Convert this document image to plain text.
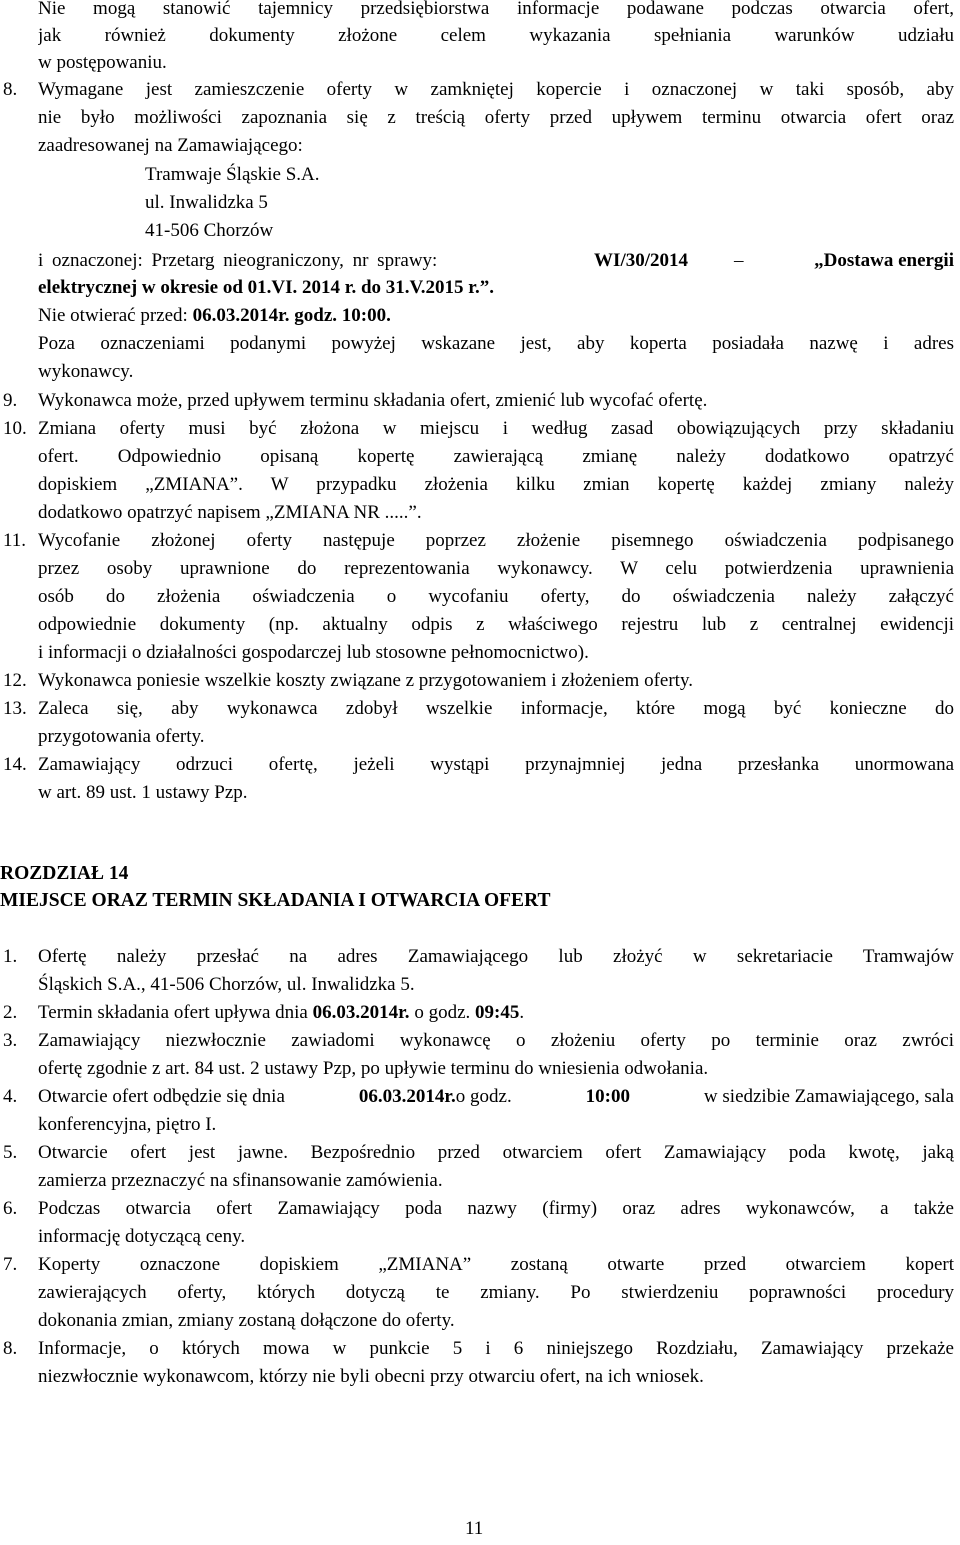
Nie mogą stanowić tajemnicy przedsiębiorstwa informacje podawane podczas otwarcia ofert,
jak również dokumenty złożone celem wykazania spełniania warunków udziału
w postępowaniu.
8. Wymagane jest zamieszczenie oferty w zamkniętej kopercie i oznaczonej w taki sposób, aby
nie było możliwości zapoznania się z treścią oferty przed upływem terminu otwarcia ofert oraz
zaadresowanej na Zamawiającego:
Tramwaje Śląskie S.A.
ul. Inwalidzka 5
41-506 Chorzów
i oznaczonej: Przetarg nieograniczony, nr sprawy:	WI/30/2014 –	„Dostawa energii
elektrycznej w okresie od 01.VI. 2014 r. do 31.V.2015 r.”.
Nie otwierać przed: 06.03.2014r. godz. 10:00.
Poza oznaczeniami podanymi powyżej wskazane jest, aby koperta posiadała nazwę i adres
wykonawcy.
9. Wykonawca może, przed upływem terminu składania ofert, zmienić lub wycofać ofertę.
10. Zmiana oferty musi być złożona w miejscu i według zasad obowiązujących przy składaniu
ofert. Odpowiednio opisaną kopertę zawierającą zmianę należy dodatkowo opatrzyć
dopiskiem „ZMIANA”. W przypadku złożenia kilku zmian kopertę każdej zmiany należy
dodatkowo opatrzyć napisem „ZMIANA NR .....”.
11. Wycofanie złożonej oferty następuje poprzez złożenie pisemnego oświadczenia podpisanego
przez osoby uprawnione do reprezentowania wykonawcy. W celu potwierdzenia uprawnienia
osób do złożenia oświadczenia o wycofaniu oferty, do oświadczenia należy załączyć
odpowiednie dokumenty (np. aktualny odpis z właściwego rejestru lub z centralnej ewidencji
i informacji o działalności gospodarczej lub stosowne pełnomocnictwo).
12. Wykonawca poniesie wszelkie koszty związane z przygotowaniem i złożeniem oferty.
13. Zaleca się, aby wykonawca zdobył wszelkie informacje, które mogą być konieczne do
przygotowania oferty.
14. Zamawiający odrzuci ofertę, jeżeli wystąpi przynajmniej jedna przesłanka unormowana
w art. 89 ust. 1 ustawy Pzp.
ROZDZIAŁ 14
MIEJSCE ORAZ TERMIN SKŁADANIA I OTWARCIA OFERT
1. Ofertę należy przesłać na adres Zamawiającego lub złożyć w sekretariacie Tramwajów
Śląskich S.A., 41-506 Chorzów, ul. Inwalidzka 5.
2. Termin składania ofert upływa dnia 06.03.2014r. o godz. 09:45.
3. Zamawiający niezwłocznie zawiadomi wykonawcę o złożeniu oferty po terminie oraz zwróci
ofertę zgodnie z art. 84 ust. 2 ustawy Pzp, po upływie terminu do wniesienia odwołania.
4. Otwarcie ofert odbędzie się dnia	06.03.2014r. o godz.	10:00	w siedzibie Zamawiającego, sala
konferencyjna, piętro I.
5. Otwarcie ofert jest jawne. Bezpośrednio przed otwarciem ofert Zamawiający poda kwotę, jaką
zamierza przeznaczyć na sfinansowanie zamówienia.
6. Podczas otwarcia ofert Zamawiający poda nazwy (firmy) oraz adres wykonawców, a także
informację dotyczącą ceny.
7. Koperty oznaczone dopiskiem „ZMIANA” zostaną otwarte przed otwarciem kopert
zawierających oferty, których dotyczą te zmiany. Po stwierdzeniu poprawności procedury
dokonania zmian, zmiany zostaną dołączone do oferty.
8. Informacje, o których mowa w punkcie 5 i 6 niniejszego Rozdziału, Zamawiający przekaże
niezwłocznie wykonawcom, którzy nie byli obecni przy otwarciu ofert, na ich wniosek.
11
